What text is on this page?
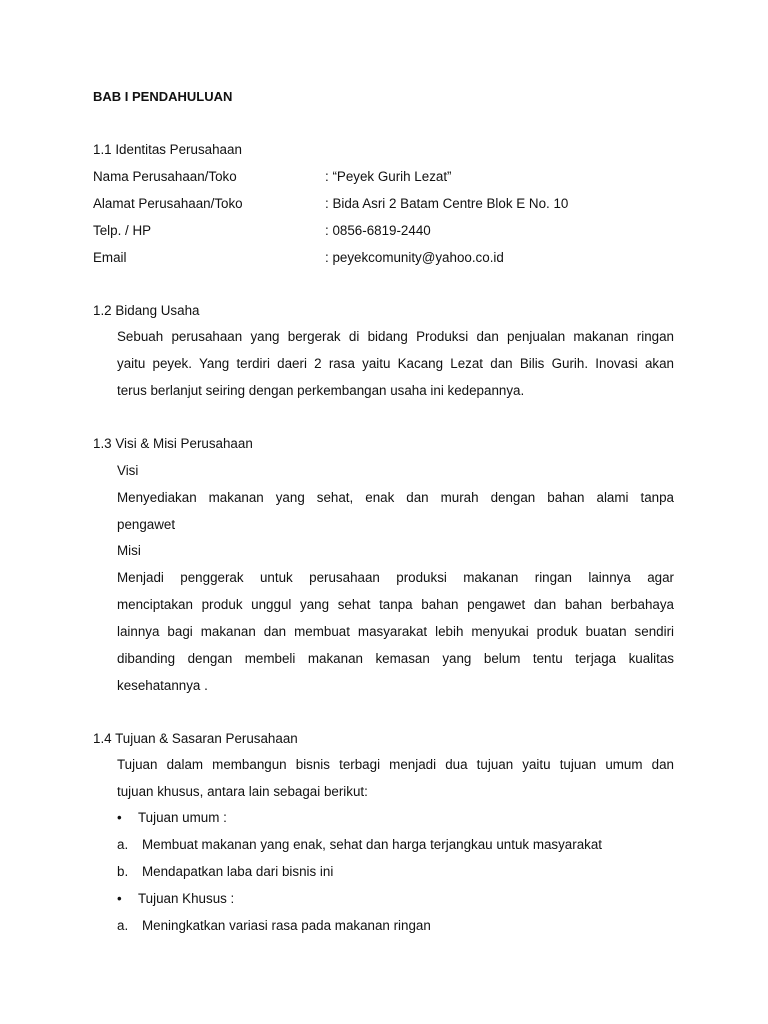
BAB I PENDAHULUAN
1.1 Identitas Perusahaan
Nama Perusahaan/Toko	: “Peyek Gurih Lezat”
Alamat Perusahaan/Toko	: Bida Asri 2 Batam Centre Blok E No. 10
Telp. / HP	: 0856-6819-2440
Email	: peyekcomunity@yahoo.co.id
1.2 Bidang Usaha
Sebuah perusahaan yang bergerak di bidang Produksi dan penjualan makanan ringan
yaitu peyek. Yang terdiri daeri 2 rasa yaitu Kacang Lezat dan Bilis Gurih. Inovasi akan
terus berlanjut seiring dengan perkembangan usaha ini kedepannya.
1.3 Visi & Misi Perusahaan
Visi
Menyediakan makanan yang sehat, enak dan murah dengan bahan alami tanpa
pengawet
Misi
Menjadi penggerak untuk perusahaan produksi makanan ringan lainnya agar
menciptakan produk unggul yang sehat tanpa bahan pengawet dan bahan berbahaya
lainnya bagi makanan dan membuat masyarakat lebih menyukai produk buatan sendiri
dibanding dengan membeli makanan kemasan yang belum tentu terjaga kualitas
kesehatannya .
1.4 Tujuan & Sasaran Perusahaan
Tujuan dalam membangun bisnis terbagi menjadi dua tujuan yaitu tujuan umum dan
tujuan khusus, antara lain sebagai berikut:
•	Tujuan umum :
a. Membuat makanan yang enak, sehat dan harga terjangkau untuk masyarakat
b. Mendapatkan laba dari bisnis ini
•	Tujuan Khusus :
a. Meningkatkan variasi rasa pada makanan ringan
